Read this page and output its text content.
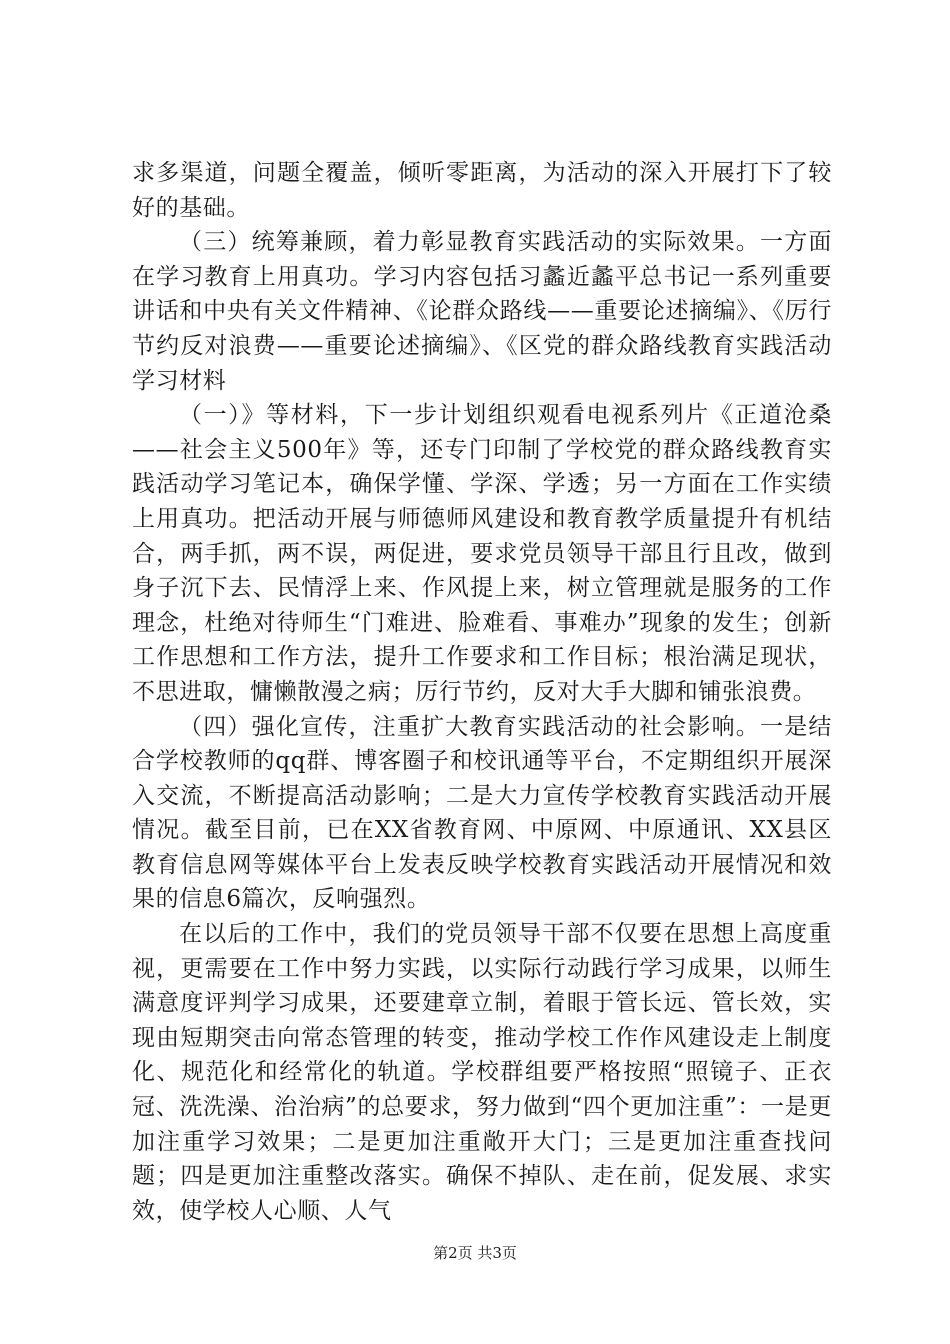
求多渠道，问题全覆盖，倾听零距离，为活动的深入开展打下了较好的基础。

（三）统筹兼顾，着力彰显教育实践活动的实际效果。一方面在学习教育上用真功。学习内容包括习蠡近蠡平总书记一系列重要讲话和中央有关文件精神、《论群众路线——重要论述摘编》、《厉行节约反对浪费——重要论述摘编》、《区党的群众路线教育实践活动学习材料

（一）》等材料，下一步计划组织观看电视系列片《正道沧桑——社会主义500年》等，还专门印制了学校党的群众路线教育实践活动学习笔记本，确保学懂、学深、学透；另一方面在工作实绩上用真功。把活动开展与师德师风建设和教育教学质量提升有机结合，两手抓，两不误，两促进，要求党员领导干部且行且改，做到身子沉下去、民情浮上来、作风提上来，树立管理就是服务的工作理念，杜绝对待师生“门难进、脸难看、事难办”现象的发生；创新工作思想和工作方法，提升工作要求和工作目标；根治满足现状，不思进取，慵懒散漫之病；厉行节约，反对大手大脚和铺张浪费。

（四）强化宣传，注重扩大教育实践活动的社会影响。一是结合学校教师的qq群、博客圈子和校讯通等平台，不定期组织开展深入交流，不断提高活动影响；二是大力宣传学校教育实践活动开展情况。截至目前，已在XX省教育网、中原网、中原通讯、XX县区教育信息网等媒体平台上发表反映学校教育实践活动开展情况和效果的信息6篇次，反响强烈。

在以后的工作中，我们的党员领导干部不仅要在思想上高度重视，更需要在工作中努力实践，以实际行动践行学习成果，以师生满意度评判学习成果，还要建章立制，着眼于管长远、管长效，实现由短期突击向常态管理的转变，推动学校工作作风建设走上制度化、规范化和经常化的轨道。学校群组要严格按照“照镜子、正衣冠、洗洗澡、治治病”的总要求，努力做到“四个更加注重”：一是更加注重学习效果；二是更加注重敞开大门；三是更加注重查找问题；四是更加注重整改落实。确保不掉队、走在前，促发展、求实效，使学校人心顺、人气

第2页 共3页
